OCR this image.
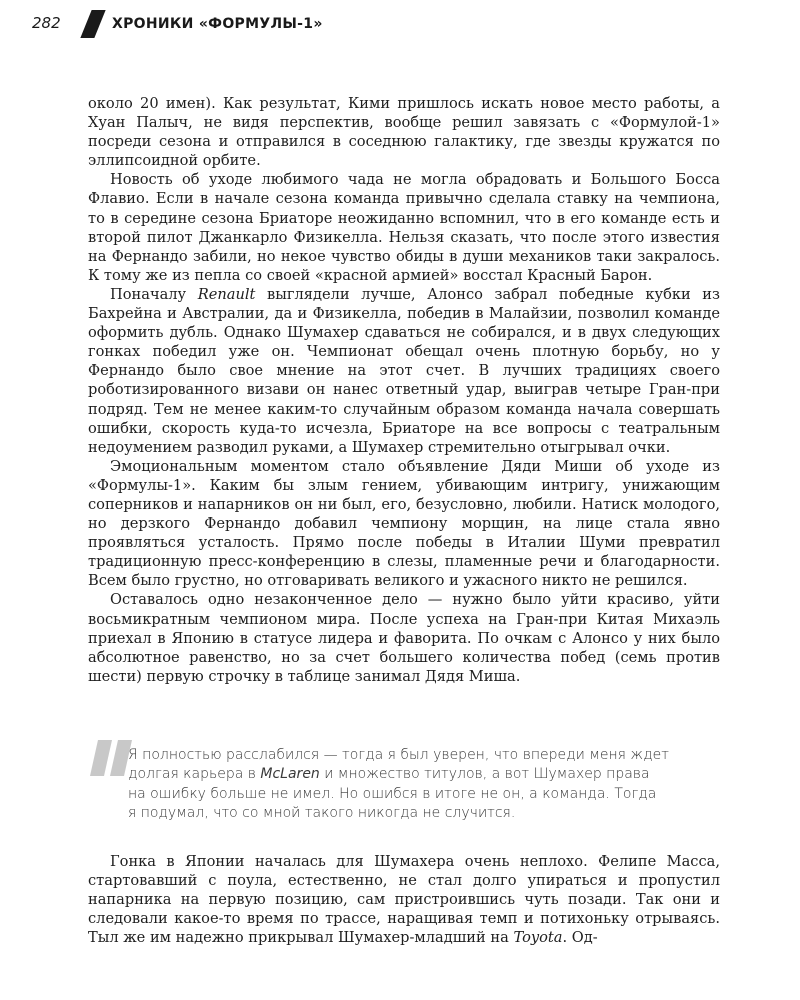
282	ХРОНИКИ «ФОРМУЛЫ-1»

около 20 имен). Как результат, Кими пришлось искать новое место работы, а Хуан Палыч, не видя перспектив, вообще решил завязать с «Формулой-1» посреди сезона и отправился в соседнюю галактику, где звезды кружатся по эллипсоидной орбите.

Новость об уходе любимого чада не могла обрадовать и Большого Босса Флавио. Если в начале сезона команда привычно сделала ставку на чемпиона, то в середине сезона Бриаторе неожиданно вспомнил, что в его команде есть и второй пилот Джанкарло Физикелла. Нельзя сказать, что после этого известия на Фернандо забили, но некое чувство обиды в души механиков таки закралось. К тому же из пепла со своей «красной армией» восстал Красный Барон.

Поначалу Renault выглядели лучше, Алонсо забрал победные кубки из Бахрейна и Австралии, да и Физикелла, победив в Малайзии, позволил команде оформить дубль. Однако Шумахер сдаваться не собирался, и в двух следующих гонках победил уже он. Чемпионат обещал очень плотную борьбу, но у Фернандо было свое мнение на этот счет. В лучших традициях своего роботизированного визави он нанес ответный удар, выиграв четыре Гран-при подряд. Тем не менее каким-то случайным образом команда начала совершать ошибки, скорость куда-то исчезла, Бриаторе на все вопросы с театральным недоумением разводил руками, а Шумахер стремительно отыгрывал очки.

Эмоциональным моментом стало объявление Дяди Миши об уходе из «Формулы-1». Каким бы злым гением, убивающим интригу, унижающим соперников и напарников он ни был, его, безусловно, любили. Натиск молодого, но дерзкого Фернандо добавил чемпиону морщин, на лице стала явно проявляться усталость. Прямо после победы в Италии Шуми превратил традиционную пресс-конференцию в слезы, пламенные речи и благодарности. Всем было грустно, но отговаривать великого и ужасного никто не решился.

Оставалось одно незаконченное дело — нужно было уйти красиво, уйти восьмикратным чемпионом мира. После успеха на Гран-при Китая Михаэль приехал в Японию в статусе лидера и фаворита. По очкам с Алонсо у них было абсолютное равенство, но за счет большего количества побед (семь против шести) первую строчку в таблице занимал Дядя Миша.

Я полностью расслабился — тогда я был уверен, что впереди меня ждет

долгая карьера в McLaren и множество титулов, а вот Шумахер права

на ошибку больше не имел. Но ошибся в итоге не он, а команда. Тогда

я подумал, что со мной такого никогда не случится.

Гонка в Японии началась для Шумахера очень неплохо. Фелипе Масса, стартовавший с поула, естественно, не стал долго упираться и пропустил напарника на первую позицию, сам пристроившись чуть позади. Так они и следовали какое-то время по трассе, наращивая темп и потихоньку отрываясь. Тыл же им надежно прикрывал Шумахер-младший на Toyota. Од-
